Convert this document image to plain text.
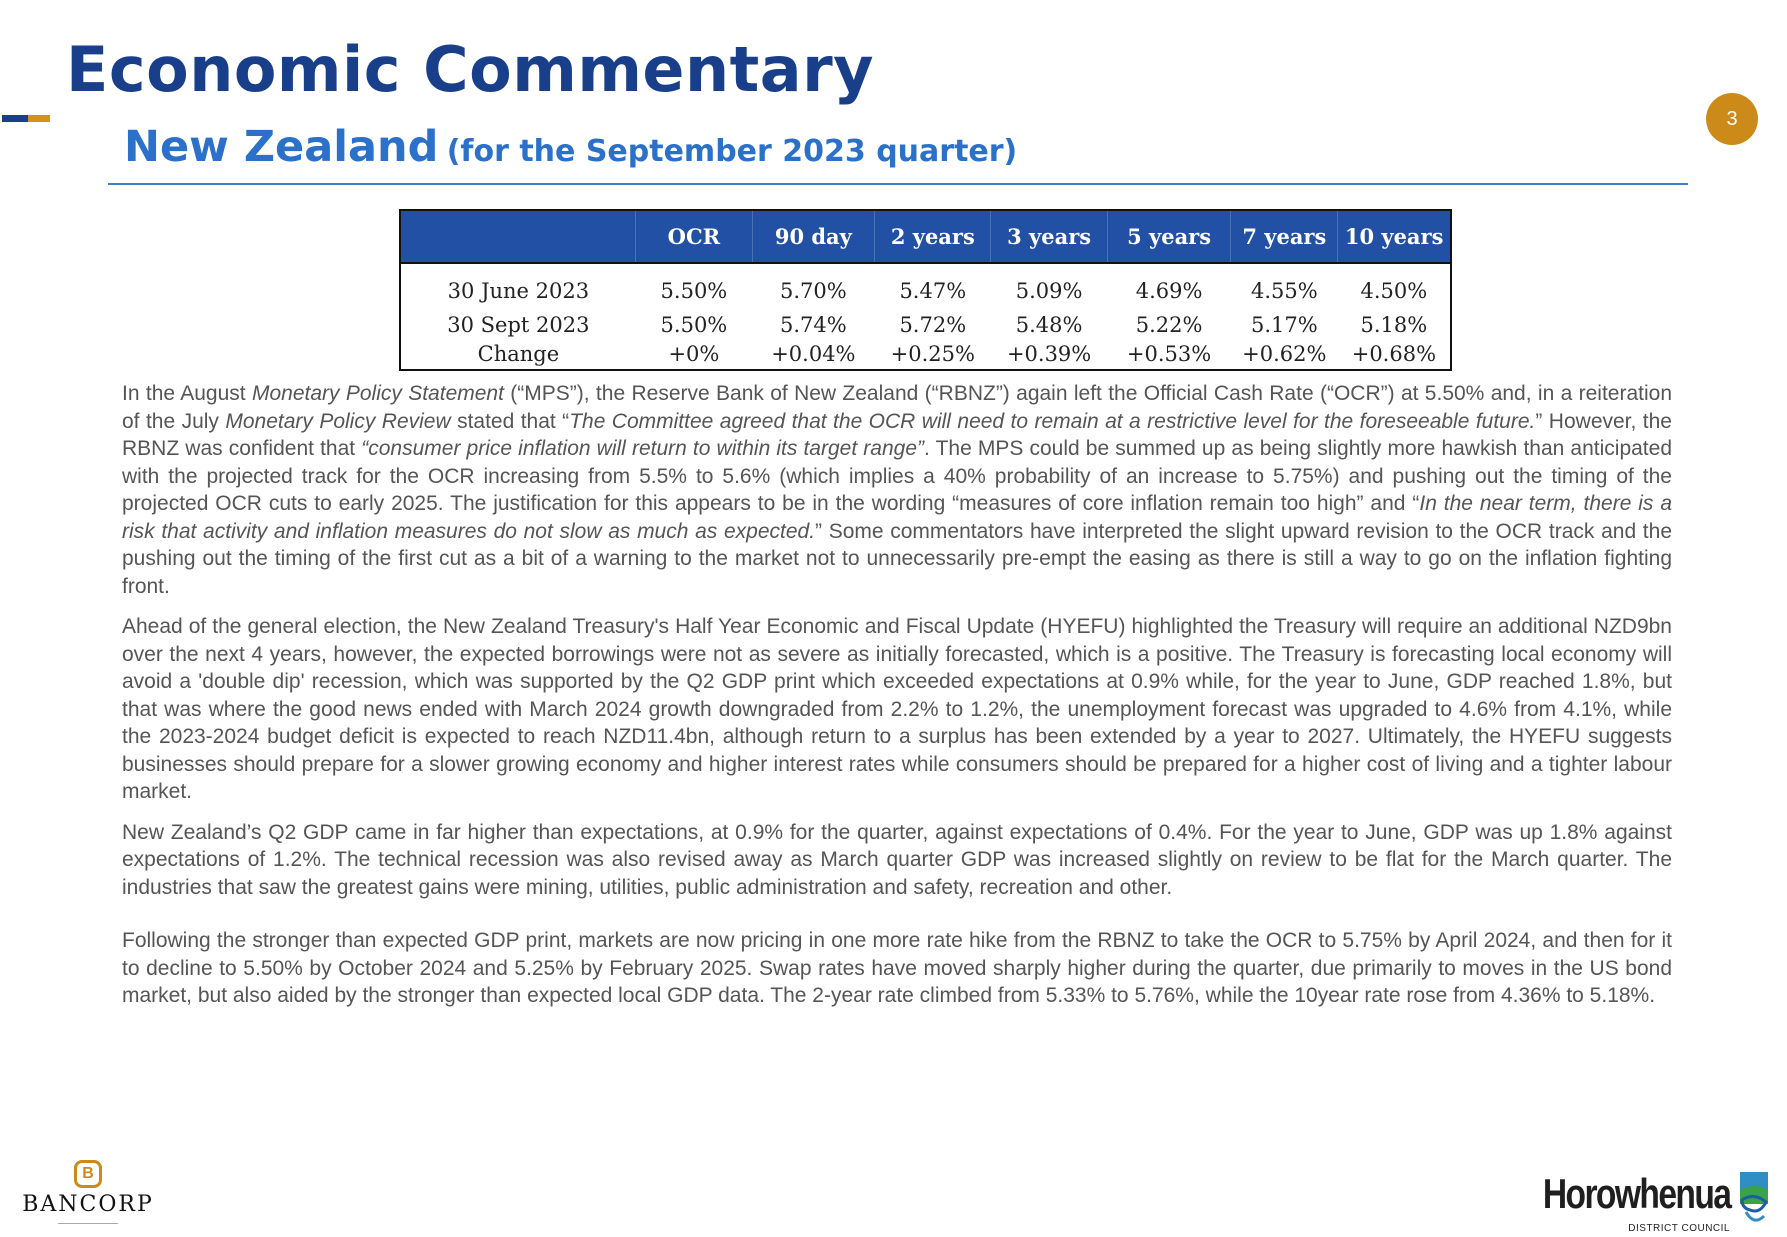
Economic Commentary
New Zealand (for the September 2023 quarter)
3
	OCR	90 day	2 years	3 years	5 years	7 years	10 years
30 June 2023	5.50%	5.70%	5.47%	5.09%	4.69%	4.55%	4.50%
30 Sept 2023	5.50%	5.74%	5.72%	5.48%	5.22%	5.17%	5.18%
Change	+0%	+0.04%	+0.25%	+0.39%	+0.53%	+0.62%	+0.68%

In the August Monetary Policy Statement (“MPS”), the Reserve Bank of New Zealand (“RBNZ”) again left the Official Cash Rate (“OCR”) at 5.50% and, in a reiteration of the July Monetary Policy Review stated that “The Committee agreed that the OCR will need to remain at a restrictive level for the foreseeable future.” However, the RBNZ was confident that “consumer price inflation will return to within its target range”. The MPS could be summed up as being slightly more hawkish than anticipated with the projected track for the OCR increasing from 5.5% to 5.6% (which implies a 40% probability of an increase to 5.75%) and pushing out the timing of the projected OCR cuts to early 2025. The justification for this appears to be in the wording “measures of core inflation remain too high” and “In the near term, there is a risk that activity and inflation measures do not slow as much as expected.” Some commentators have interpreted the slight upward revision to the OCR track and the pushing out the timing of the first cut as a bit of a warning to the market not to unnecessarily pre-empt the easing as there is still a way to go on the inflation fighting front.

Ahead of the general election, the New Zealand Treasury's Half Year Economic and Fiscal Update (HYEFU) highlighted the Treasury will require an additional NZD9bn over the next 4 years, however, the expected borrowings were not as severe as initially forecasted, which is a positive. The Treasury is forecasting local economy will avoid a 'double dip' recession, which was supported by the Q2 GDP print which exceeded expectations at 0.9% while, for the year to June, GDP reached 1.8%, but that was where the good news ended with March 2024 growth downgraded from 2.2% to 1.2%, the unemployment forecast was upgraded to 4.6% from 4.1%, while the 2023-2024 budget deficit is expected to reach NZD11.4bn, although return to a surplus has been extended by a year to 2027. Ultimately, the HYEFU suggests businesses should prepare for a slower growing economy and higher interest rates while consumers should be prepared for a higher cost of living and a tighter labour market.

New Zealand’s Q2 GDP came in far higher than expectations, at 0.9% for the quarter, against expectations of 0.4%. For the year to June, GDP was up 1.8% against expectations of 1.2%. The technical recession was also revised away as March quarter GDP was increased slightly on review to be flat for the March quarter. The industries that saw the greatest gains were mining, utilities, public administration and safety, recreation and other.

Following the stronger than expected GDP print, markets are now pricing in one more rate hike from the RBNZ to take the OCR to 5.75% by April 2024, and then for it to decline to 5.50% by October 2024 and 5.25% by February 2025. Swap rates have moved sharply higher during the quarter, due primarily to moves in the US bond market, but also aided by the stronger than expected local GDP data. The 2-year rate climbed from 5.33% to 5.76%, while the 10year rate rose from 4.36% to 5.18%.

B
BANCORP	Horowhenua
DISTRICT COUNCIL
